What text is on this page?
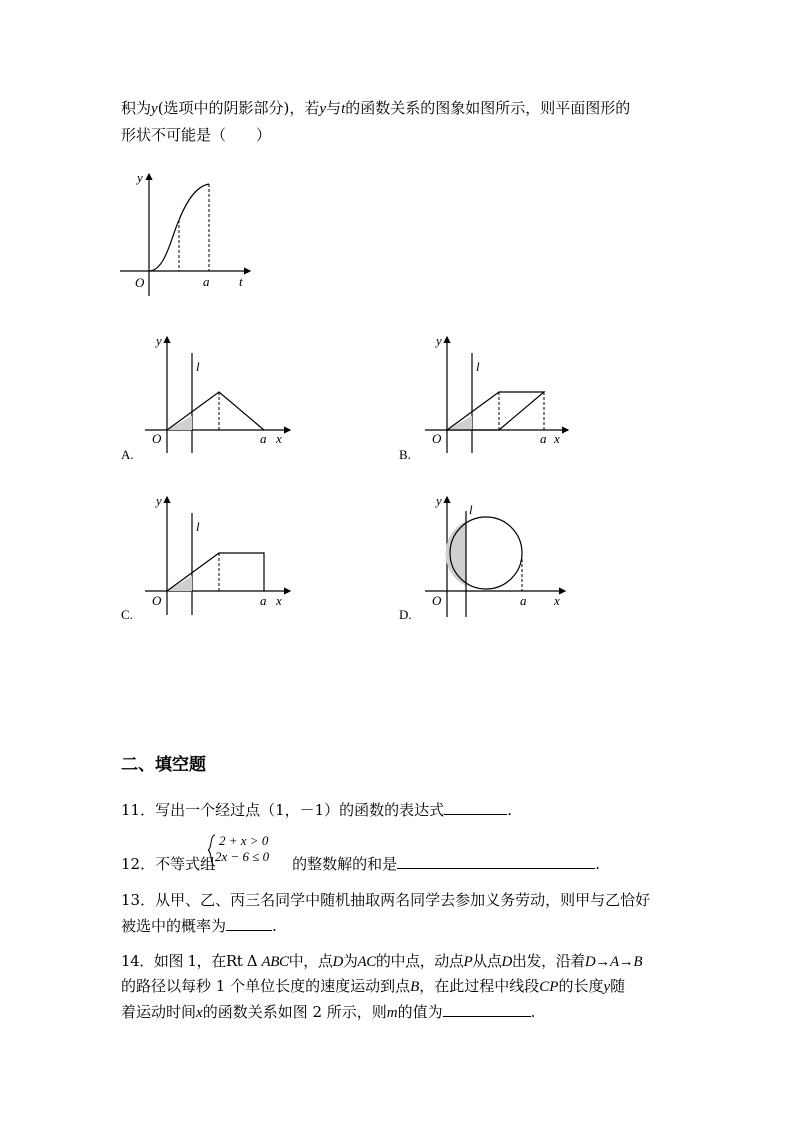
积为y(选项中的阴影部分)，若y与t的函数关系的图象如图所示，则平面图形的
形状不可能是（　　）
y
t
O	a
y
l
O	a x
A.
y
l
O	a x
B.
y
l
O	a x
C.
y
l
O	a x
D.
二、填空题
11．写出一个经过点（1，－1）的函数的表达式	.
2 + x > 0
2x − 6 ≤ 0
12．不等式组	的整数解的和是	.
13．从甲、乙、丙三名同学中随机抽取两名同学去参加义务劳动，则甲与乙恰好
被选中的概率为	.
14．如图 1，在Rt Δ ABC中，点D为AC的中点，动点P从点D出发，沿着D→A→B
的路径以每秒 1 个单位长度的速度运动到点B，在此过程中线段CP的长度y随
着运动时间x的函数关系如图 2 所示，则m的值为	.
